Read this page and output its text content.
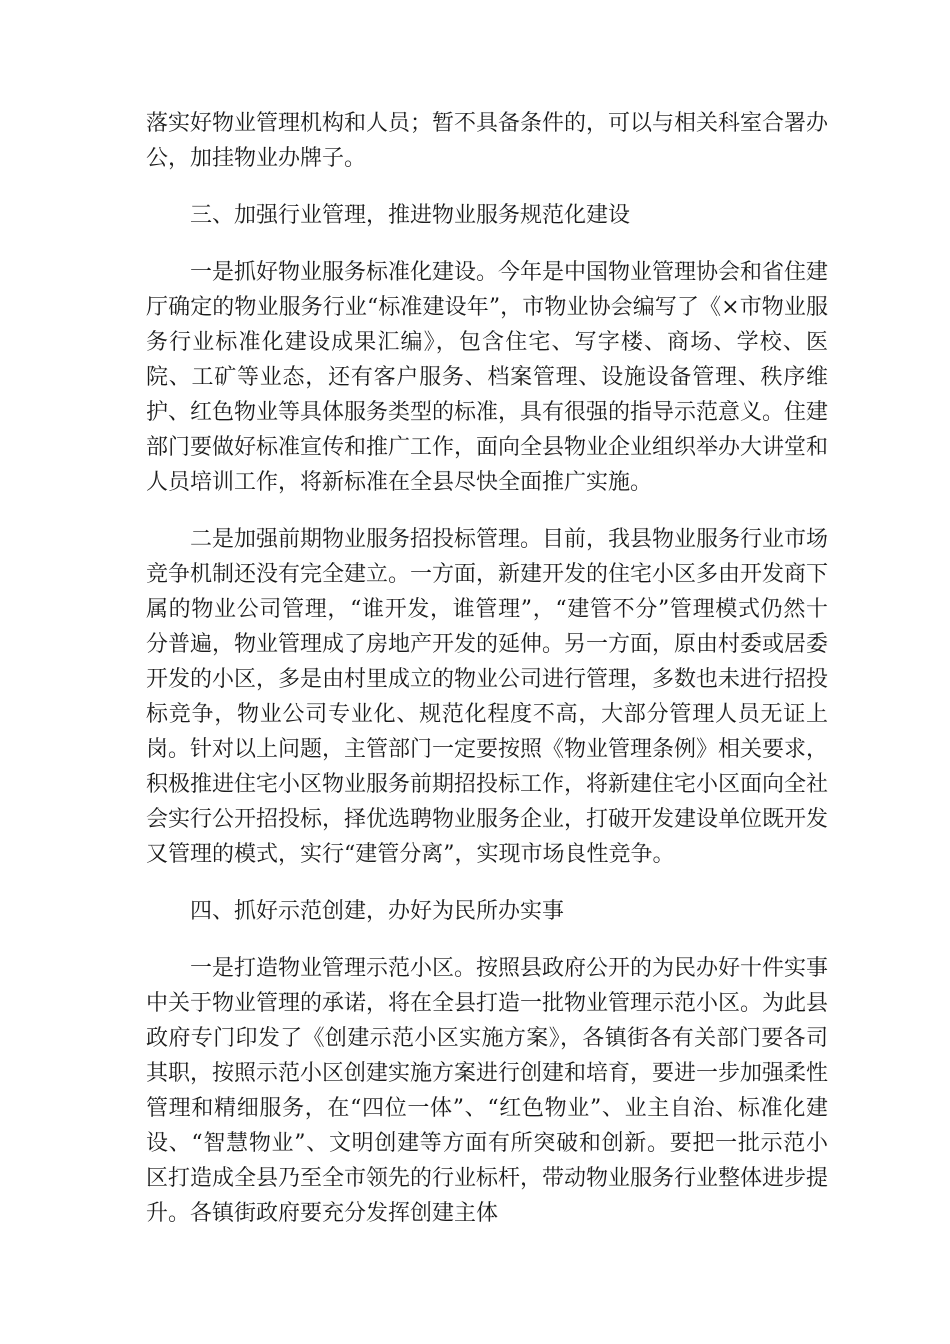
落实好物业管理机构和人员；暂不具备条件的，可以与相关科室合署办公，加挂物业办牌子。

三、加强行业管理，推进物业服务规范化建设

一是抓好物业服务标准化建设。今年是中国物业管理协会和省住建厅确定的物业服务行业“标准建设年”，市物业协会编写了《×市物业服务行业标准化建设成果汇编》，包含住宅、写字楼、商场、学校、医院、工矿等业态，还有客户服务、档案管理、设施设备管理、秩序维护、红色物业等具体服务类型的标准，具有很强的指导示范意义。住建部门要做好标准宣传和推广工作，面向全县物业企业组织举办大讲堂和人员培训工作，将新标准在全县尽快全面推广实施。

二是加强前期物业服务招投标管理。目前，我县物业服务行业市场竞争机制还没有完全建立。一方面，新建开发的住宅小区多由开发商下属的物业公司管理，“谁开发，谁管理”，“建管不分”管理模式仍然十分普遍，物业管理成了房地产开发的延伸。另一方面，原由村委或居委开发的小区，多是由村里成立的物业公司进行管理，多数也未进行招投标竞争，物业公司专业化、规范化程度不高，大部分管理人员无证上岗。针对以上问题，主管部门一定要按照《物业管理条例》相关要求，积极推进住宅小区物业服务前期招投标工作，将新建住宅小区面向全社会实行公开招投标，择优选聘物业服务企业，打破开发建设单位既开发又管理的模式，实行“建管分离”，实现市场良性竞争。

四、抓好示范创建，办好为民所办实事

一是打造物业管理示范小区。按照县政府公开的为民办好十件实事中关于物业管理的承诺，将在全县打造一批物业管理示范小区。为此县政府专门印发了《创建示范小区实施方案》，各镇街各有关部门要各司其职，按照示范小区创建实施方案进行创建和培育，要进一步加强柔性管理和精细服务，在“四位一体”、“红色物业”、业主自治、标准化建设、“智慧物业”、文明创建等方面有所突破和创新。要把一批示范小区打造成全县乃至全市领先的行业标杆，带动物业服务行业整体进步提升。各镇街政府要充分发挥创建主体
